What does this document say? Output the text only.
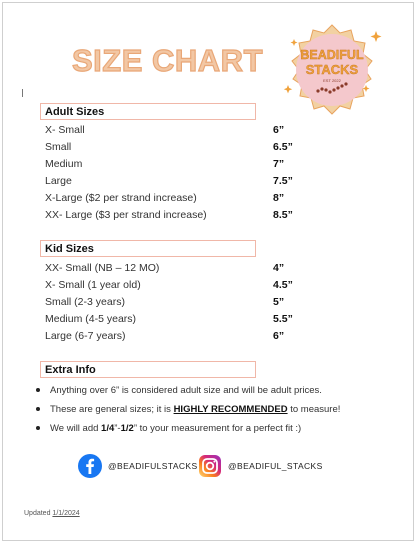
SIZE CHART	BEADIFUL
STACKS
EST 2022
Adult Sizes
X- Small	6”
Small	6.5”
Medium	7”
Large	7.5”
X-Large ($2 per strand increase)	8”
XX- Large ($3 per strand increase)	8.5”
Kid Sizes
XX- Small (NB – 12 MO)	4”
X- Small (1 year old)	4.5”
Small (2-3 years)	5”
Medium (4-5 years)	5.5”
Large (6-7 years)	6”
Extra Info
Anything over 6” is considered adult size and will be adult prices.
These are general sizes; it is HIGHLY RECOMMENDED to measure!
We will add 1/4”-1/2” to your measurement for a perfect fit :)
@BEADIFULSTACKS	@BEADIFUL_STACKS
Updated 1/1/2024
